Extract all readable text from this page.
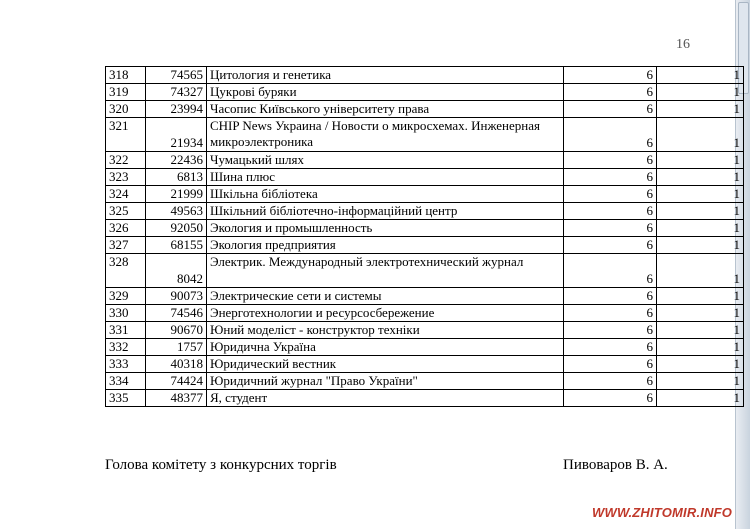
16
318	74565	Цитология и генетика	6	1
319	74327	Цукрові буряки	6	1
320	23994	Часопис Київського університету права	6	1
321	21934	CHIP News Украина / Новости о микросхемах. Инженерная микроэлектроника	6	1
322	22436	Чумацький шлях	6	1
323	6813	Шина плюс	6	1
324	21999	Шкільна бібліотека	6	1
325	49563	Шкільний бібліотечно-інформаційний центр	6	1
326	92050	Экология и промышленность	6	1
327	68155	Экология предприятия	6	1
328	8042	Электрик. Международный электротехнический журнал	6	1
329	90073	Электрические сети и системы	6	1
330	74546	Энерготехнологии и ресурсосбережение	6	1
331	90670	Юний моделіст - конструктор техніки	6	1
332	1757	Юридична Україна	6	1
333	40318	Юридический вестник	6	1
334	74424	Юридичний журнал "Право України"	6	1
335	48377	Я, студент	6	1
Голова комітету з конкурсних торгів	Пивоваров В. А.
WWW.ZHITOMIR.INFO
